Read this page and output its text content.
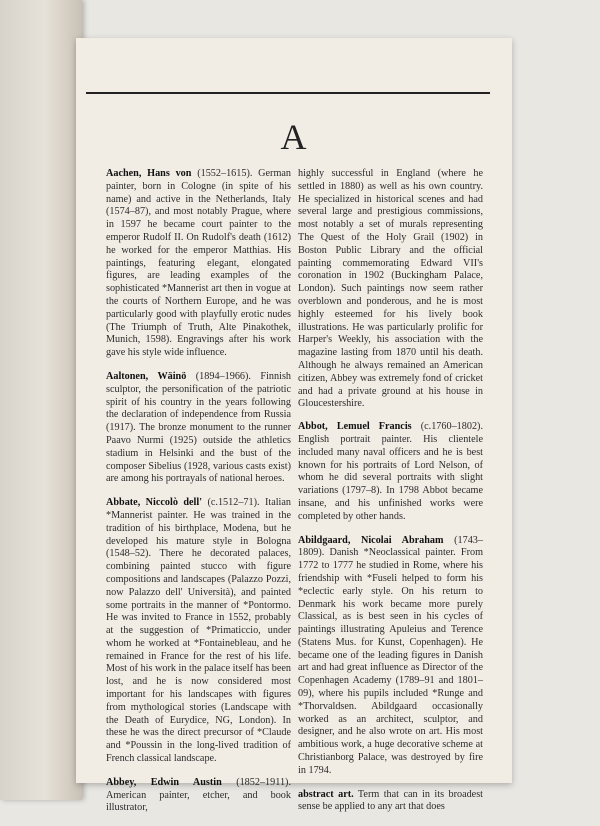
A

Aachen, Hans von (1552–1615). German painter, born in Cologne (in spite of his name) and active in the Netherlands, Italy (1574–87), and most notably Prague, where in 1597 he became court painter to the emperor Rudolf II. On Rudolf's death (1612) he worked for the emperor Matthias. His paintings, featuring elegant, elongated figures, are leading examples of the sophisticated *Mannerist art then in vogue at the courts of Northern Europe, and he was particularly good with playfully erotic nudes (The Triumph of Truth, Alte Pinakothek, Munich, 1598). Engravings after his work gave his style wide influence.

Aaltonen, Wäinö (1894–1966). Finnish sculptor, the personification of the patriotic spirit of his country in the years following the declaration of independence from Russia (1917). The bronze monument to the runner Paavo Nurmi (1925) outside the athletics stadium in Helsinki and the bust of the composer Sibelius (1928, various casts exist) are among his portrayals of national heroes.

Abbate, Niccolò dell' (c.1512–71). Italian *Mannerist painter. He was trained in the tradition of his birthplace, Modena, but he developed his mature style in Bologna (1548–52). There he decorated palaces, combining painted stucco with figure compositions and landscapes (Palazzo Pozzi, now Palazzo dell' Università), and painted some portraits in the manner of *Pontormo. He was invited to France in 1552, probably at the suggestion of *Primaticcio, under whom he worked at *Fontainebleau, and he remained in France for the rest of his life. Most of his work in the palace itself has been lost, and he is now considered most important for his landscapes with figures from mythological stories (Landscape with the Death of Eurydice, NG, London). In these he was the direct precursor of *Claude and *Poussin in the long-lived tradition of French classical landscape.

Abbey, Edwin Austin (1852–1911). American painter, etcher, and book illustrator,

highly successful in England (where he settled in 1880) as well as his own country. He specialized in historical scenes and had several large and prestigious commissions, most notably a set of murals representing The Quest of the Holy Grail (1902) in Boston Public Library and the official painting commemorating Edward VII's coronation in 1902 (Buckingham Palace, London). Such paintings now seem rather overblown and ponderous, and he is most highly esteemed for his lively book illustrations. He was particularly prolific for Harper's Weekly, his association with the magazine lasting from 1870 until his death. Although he always remained an American citizen, Abbey was extremely fond of cricket and had a private ground at his house in Gloucestershire.

Abbot, Lemuel Francis (c.1760–1802). English portrait painter. His clientele included many naval officers and he is best known for his portraits of Lord Nelson, of whom he did several portraits with slight variations (1797–8). In 1798 Abbot became insane, and his unfinished works were completed by other hands.

Abildgaard, Nicolai Abraham (1743–1809). Danish *Neoclassical painter. From 1772 to 1777 he studied in Rome, where his friendship with *Fuseli helped to form his *eclectic early style. On his return to Denmark his work became more purely Classical, as is best seen in his cycles of paintings illustrating Apuleius and Terence (Statens Mus. for Kunst, Copenhagen). He became one of the leading figures in Danish art and had great influence as Director of the Copenhagen Academy (1789–91 and 1801–09), where his pupils included *Runge and *Thorvaldsen. Abildgaard occasionally worked as an architect, sculptor, and designer, and he also wrote on art. His most ambitious work, a huge decorative scheme at Christianborg Palace, was destroyed by fire in 1794.

abstract art. Term that can in its broadest sense be applied to any art that does
